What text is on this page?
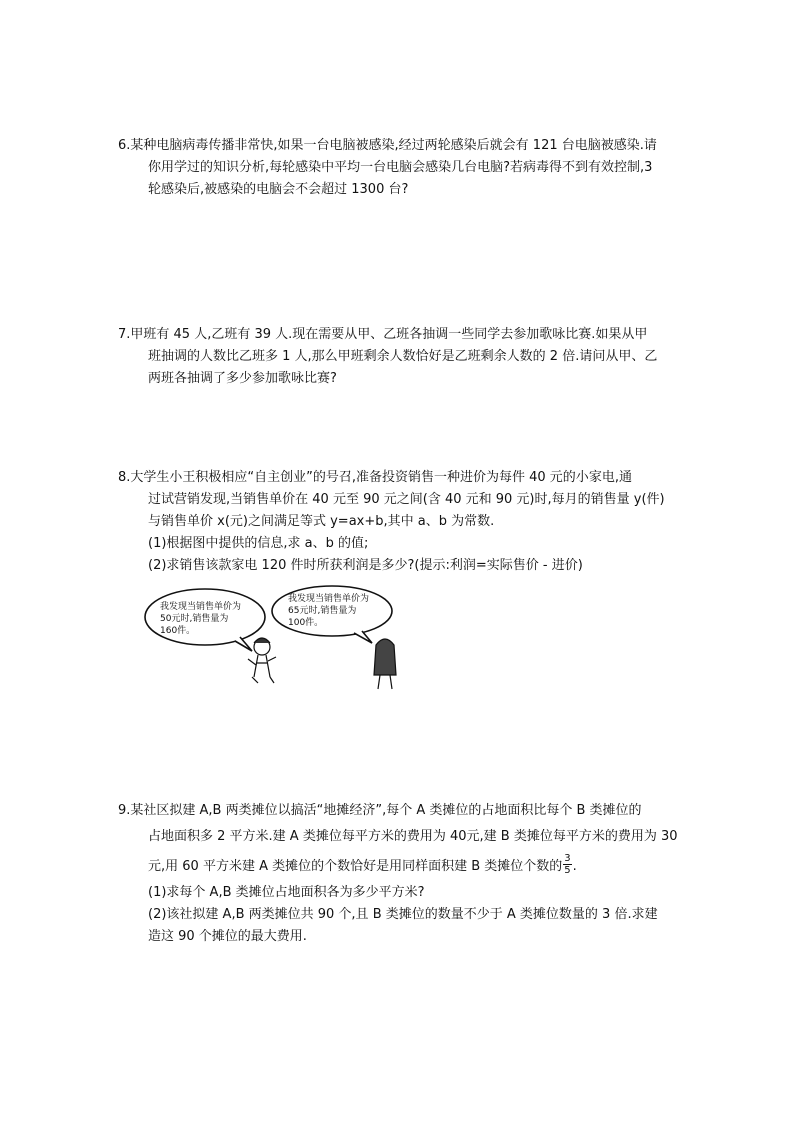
6.某种电脑病毒传播非常快,如果一台电脑被感染,经过两轮感染后就会有 121 台电脑被感染.请
你用学过的知识分析,每轮感染中平均一台电脑会感染几台电脑?若病毒得不到有效控制,3
轮感染后,被感染的电脑会不会超过 1300 台?
7.甲班有 45 人,乙班有 39 人.现在需要从甲、乙班各抽调一些同学去参加歌咏比赛.如果从甲
班抽调的人数比乙班多 1 人,那么甲班剩余人数恰好是乙班剩余人数的 2 倍.请问从甲、乙
两班各抽调了多少参加歌咏比赛?
8.大学生小王积极相应“自主创业”的号召,准备投资销售一种进价为每件 40 元的小家电,通
过试营销发现,当销售单价在 40 元至 90 元之间(含 40 元和 90 元)时,每月的销售量 y(件)
与销售单价 x(元)之间满足等式 y=ax+b,其中 a、b 为常数.
(1)根据图中提供的信息,求 a、b 的值;
(2)求销售该款家电 120 件时所获利润是多少?(提示:利润=实际售价 - 进价)
我发现当销售单价为
50元时,销售量为
160件。
我发现当销售单价为
65元时,销售量为
100件。
9.某社区拟建 A,B 两类摊位以搞活“地摊经济”,每个 A 类摊位的占地面积比每个 B 类摊位的
占地面积多 2 平方米.建 A 类摊位每平方米的费用为 40元,建 B 类摊位每平方米的费用为 30
元,用 60 平方米建 A 类摊位的个数恰好是用同样面积建 B 类摊位个数的 $\frac{3}{5}$ .
(1)求每个 A,B 类摊位占地面积各为多少平方米?
(2)该社拟建 A,B 两类摊位共 90 个,且 B 类摊位的数量不少于 A 类摊位数量的 3 倍.求建
造这 90 个摊位的最大费用.
